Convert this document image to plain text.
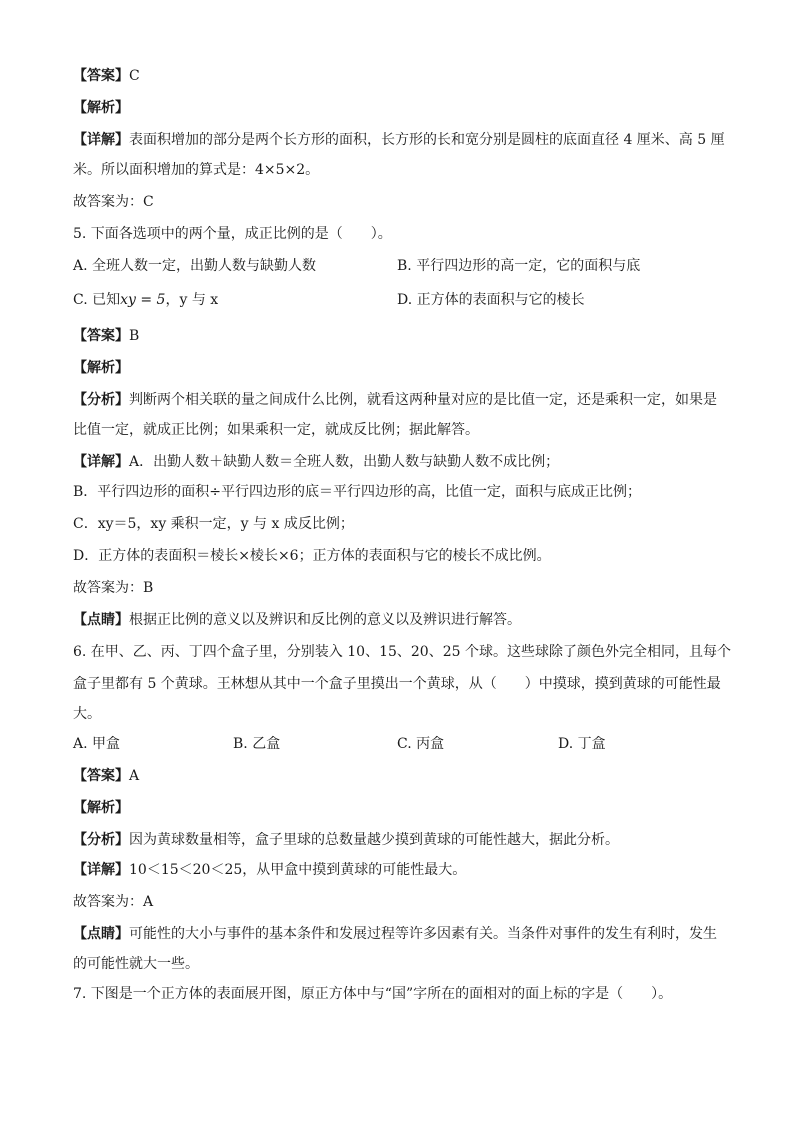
【答案】C
【解析】
【详解】表面积增加的部分是两个长方形的面积，长方形的长和宽分别是圆柱的底面直径 4 厘米、高 5 厘
米。所以面积增加的算式是：4×5×2。
故答案为：C
5. 下面各选项中的两个量，成正比例的是（　　）。
A. 全班人数一定，出勤人数与缺勤人数	B. 平行四边形的高一定，它的面积与底
C. 已知xy = 5，y 与 x	D. 正方体的表面积与它的棱长
【答案】B
【解析】
【分析】判断两个相关联的量之间成什么比例，就看这两种量对应的是比值一定，还是乘积一定，如果是
比值一定，就成正比例；如果乘积一定，就成反比例；据此解答。
【详解】A．出勤人数＋缺勤人数＝全班人数，出勤人数与缺勤人数不成比例；
B．平行四边形的面积÷平行四边形的底＝平行四边形的高，比值一定，面积与底成正比例；
C．xy＝5，xy 乘积一定，y 与 x 成反比例；
D．正方体的表面积＝棱长×棱长×6；正方体的表面积与它的棱长不成比例。
故答案为：B
【点睛】根据正比例的意义以及辨识和反比例的意义以及辨识进行解答。
6. 在甲、乙、丙、丁四个盒子里，分别装入 10、15、20、25 个球。这些球除了颜色外完全相同，且每个
盒子里都有 5 个黄球。王林想从其中一个盒子里摸出一个黄球，从（　　）中摸球，摸到黄球的可能性最
大。
A. 甲盒	B. 乙盒	C. 丙盒	D. 丁盒
【答案】A
【解析】
【分析】因为黄球数量相等，盒子里球的总数量越少摸到黄球的可能性越大，据此分析。
【详解】10＜15＜20＜25，从甲盒中摸到黄球的可能性最大。
故答案为：A
【点睛】可能性的大小与事件的基本条件和发展过程等许多因素有关。当条件对事件的发生有利时，发生
的可能性就大一些。
7. 下图是一个正方体的表面展开图，原正方体中与“国”字所在的面相对的面上标的字是（　　）。
